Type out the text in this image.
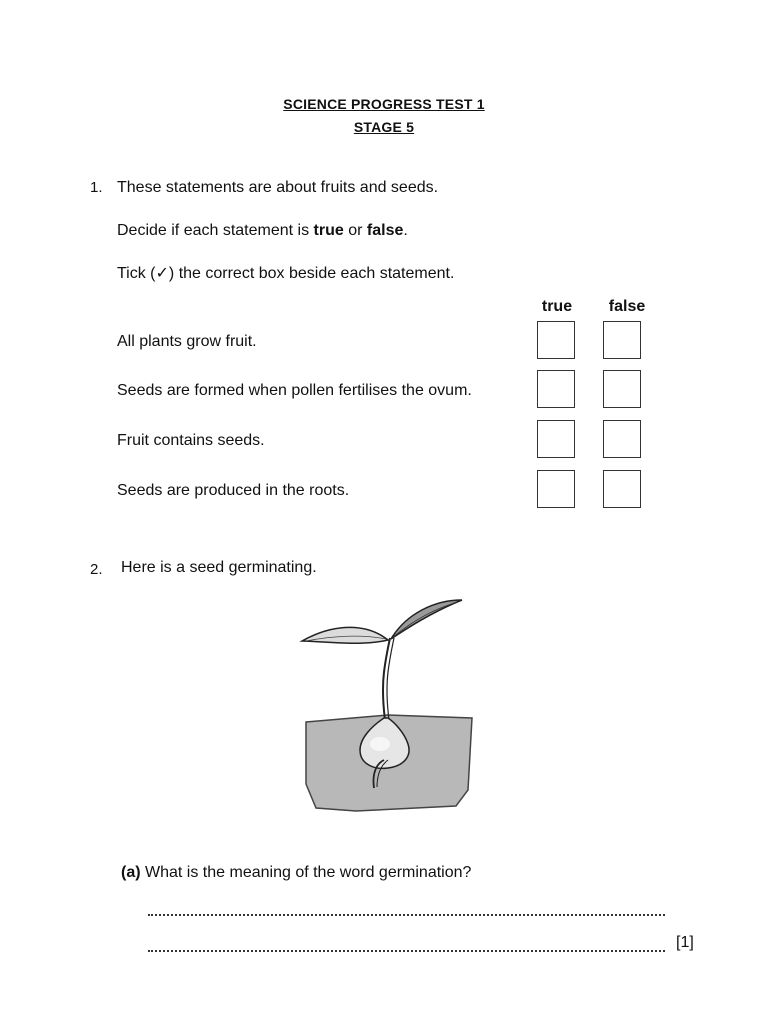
SCIENCE PROGRESS TEST 1
STAGE 5
1. These statements are about fruits and seeds.
Decide if each statement is true or false.
Tick (✓) the correct box beside each statement.
true	false
All plants grow fruit.
Seeds are formed when pollen fertilises the ovum.
Fruit contains seeds.
Seeds are produced in the roots.
2. Here is a seed germinating.
(a) What is the meaning of the word germination?
[1]
